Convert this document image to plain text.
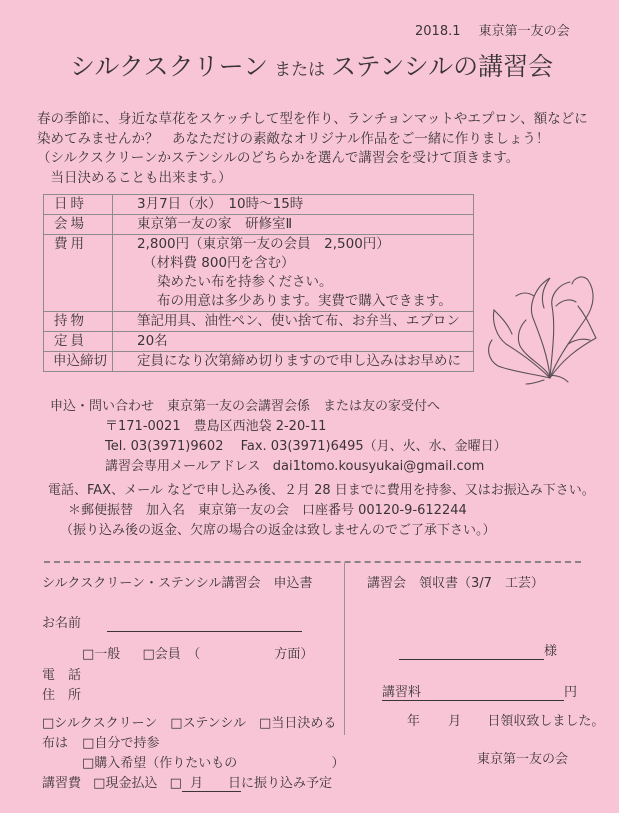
2018.1 東京第一友の会
シルクスクリーン または ステンシルの講習会
春の季節に、身近な草花をスケッチして型を作り、ランチョンマットやエプロン、額などに
染めてみませんか？　あなただけの素敵なオリジナル作品をご一緒に作りましょう！
（シルクスクリーンかステンシルのどちらかを選んで講習会を受けて頂きます。
　当日決めることも出来ます。）
日時	3月7日（水）　10時～15時
会場	東京第一友の家　研修室Ⅱ
費用	2,800円（東京第一友の会員　2,500円）
（材料費 800円を含む）
染めたい布を持参ください。
布の用意は多少あります。実費で購入できます。

持物	筆記用具、油性ペン、使い捨て布、お弁当、エプロン
定員	20名
申込締切	定員になり次第締め切りますので申し込みはお早めに
申込・問い合わせ　東京第一友の会講習会係　または友の家受付へ
〒171-0021　豊島区西池袋 2-20-11
Tel. 03(3971)9602　 Fax. 03(3971)6495（月、火、水、金曜日）
講習会専用メールアドレス dai1tomo.kousyukai@gmail.com
電話、FAX、メール などで申し込み後、２月 28 日までに費用を持参、又はお振込み下さい。
＊郵便振替　加入名　東京第一友の会　口座番号 00120-9-612244
（振り込み後の返金、欠席の場合の返金は致しませんのでご了承下さい。）
シルクスクリーン・ステンシル講習会　申込書
お名前
□一般 □会員　（	方面）
電　話
住　所
□シルクスクリーン　□ステンシル　□当日決める
布は □自分で持参
□購入希望（作りたいもの	）
講習費 □現金払込 □ 月 日に振り込み予定
講習会　領収書（3/7　工芸）
様
講習料	円
年 月 日領収致しました。
東京第一友の会
